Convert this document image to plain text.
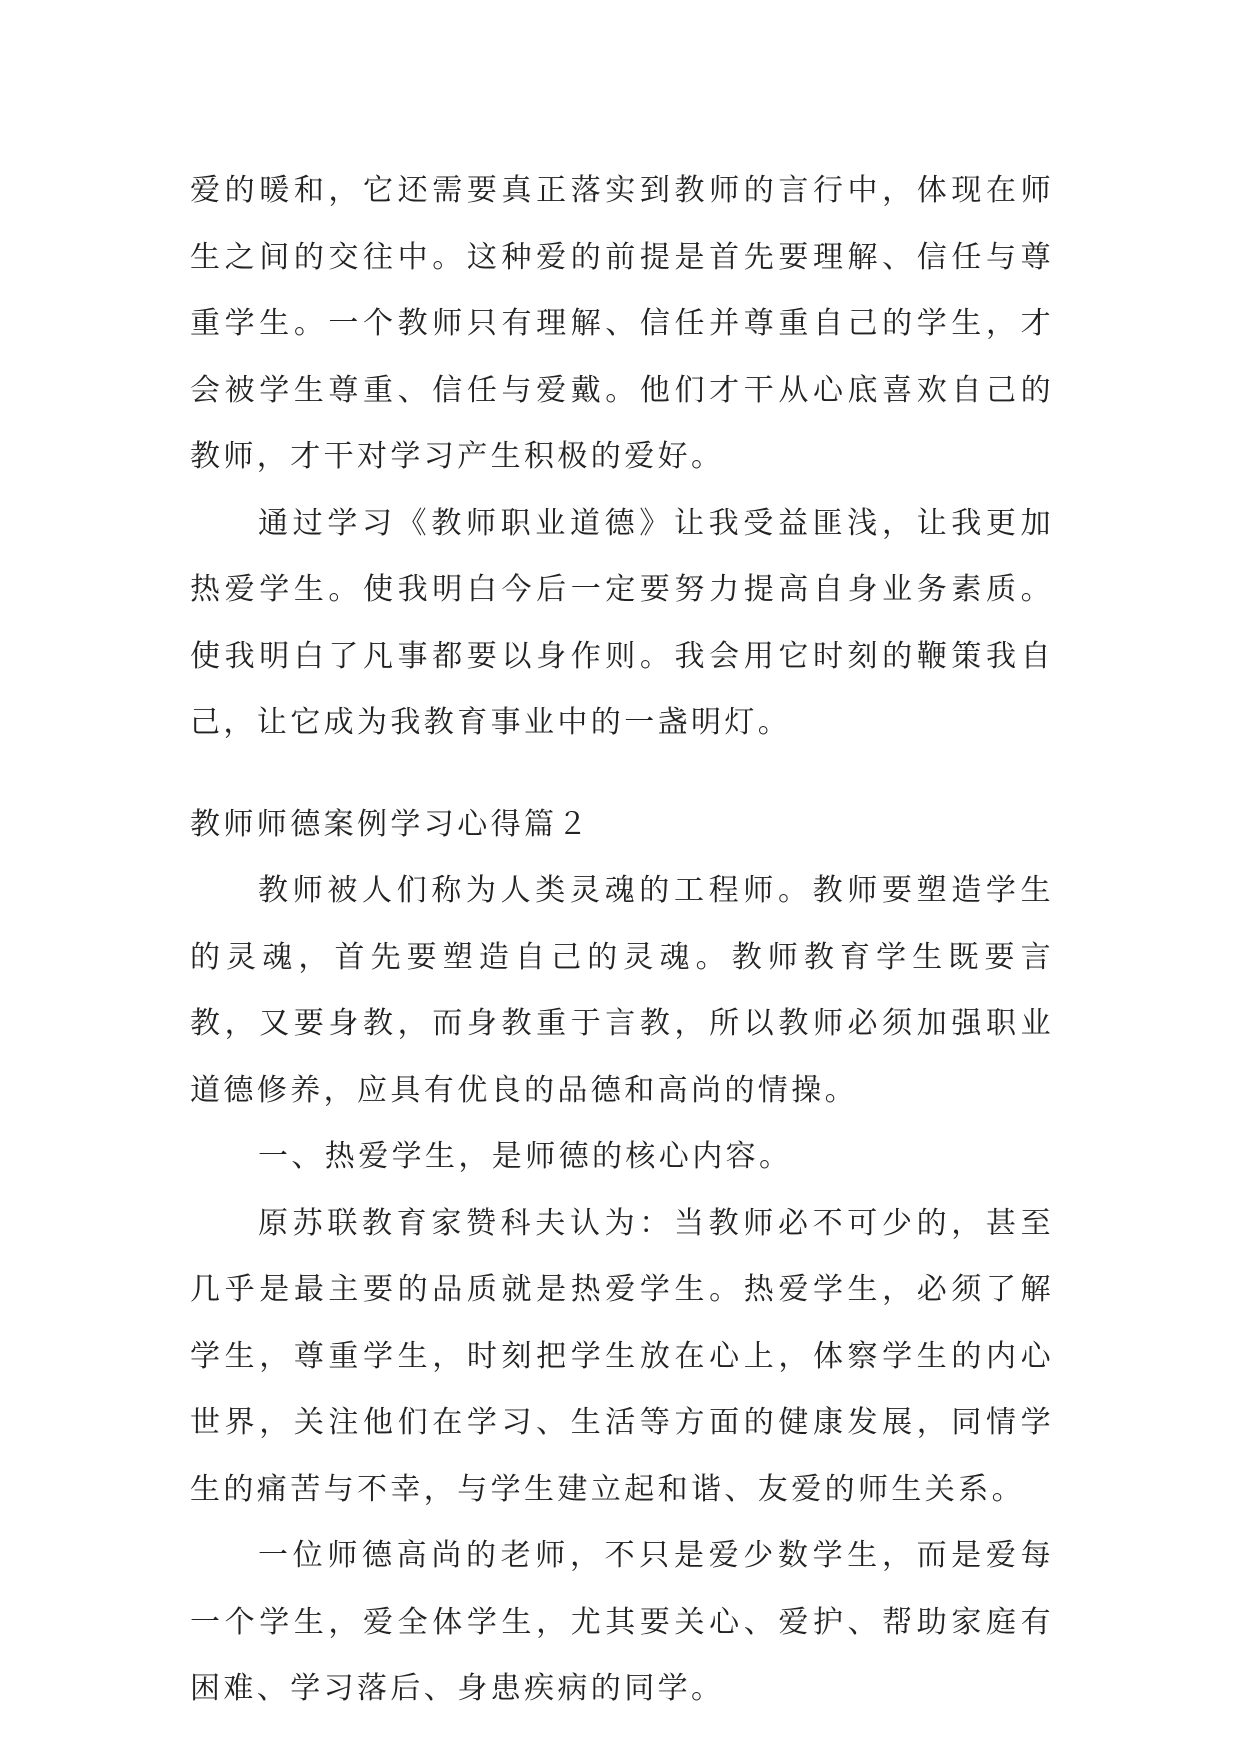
爱的暖和，它还需要真正落实到教师的言行中，体现在师生之间的交往中。这种爱的前提是首先要理解、信任与尊重学生。一个教师只有理解、信任并尊重自己的学生，才会被学生尊重、信任与爱戴。他们才干从心底喜欢自己的教师，才干对学习产生积极的爱好。

通过学习《教师职业道德》让我受益匪浅，让我更加热爱学生。使我明白今后一定要努力提高自身业务素质。使我明白了凡事都要以身作则。我会用它时刻的鞭策我自己，让它成为我教育事业中的一盏明灯。

教师师德案例学习心得篇２

教师被人们称为人类灵魂的工程师。教师要塑造学生的灵魂，首先要塑造自己的灵魂。教师教育学生既要言教，又要身教，而身教重于言教，所以教师必须加强职业道德修养，应具有优良的品德和高尚的情操。

一、热爱学生，是师德的核心内容。

原苏联教育家赞科夫认为：当教师必不可少的，甚至几乎是最主要的品质就是热爱学生。热爱学生，必须了解学生，尊重学生，时刻把学生放在心上，体察学生的内心世界，关注他们在学习、生活等方面的健康发展，同情学生的痛苦与不幸，与学生建立起和谐、友爱的师生关系。

一位师德高尚的老师，不只是爱少数学生，而是爱每一个学生，爱全体学生，尤其要关心、爱护、帮助家庭有困难、学习落后、身患疾病的同学。
